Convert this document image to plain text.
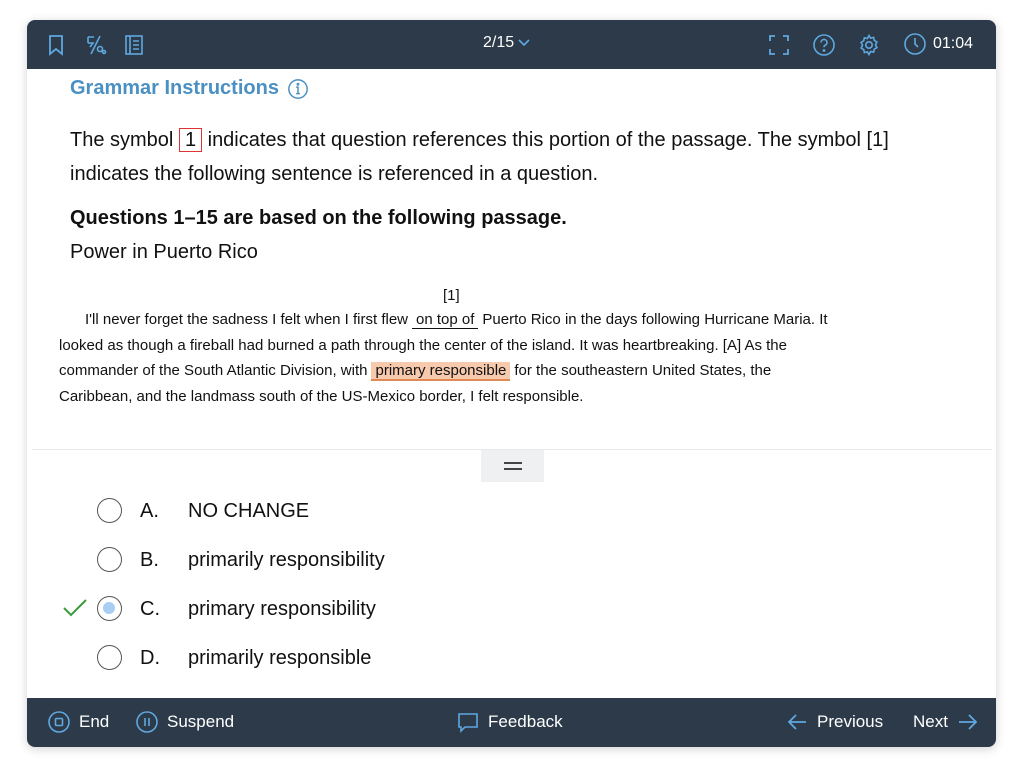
2/15	01:04
Grammar Instructions
The symbol 1 indicates that question references this portion of the passage. The symbol [1] indicates the following sentence is referenced in a question.
Questions 1–15 are based on the following passage.
Power in Puerto Rico
[1]
I'll never forget the sadness I felt when I first flew on top of Puerto Rico in the days following Hurricane Maria. It looked as though a fireball had burned a path through the center of the island. It was heartbreaking. [A] As the commander of the South Atlantic Division, with primary responsible for the southeastern United States, the Caribbean, and the landmass south of the US-Mexico border, I felt responsible.
A. NO CHANGE
B. primarily responsibility
C. primary responsibility
D. primarily responsible
End	Suspend	Feedback	Previous Next
